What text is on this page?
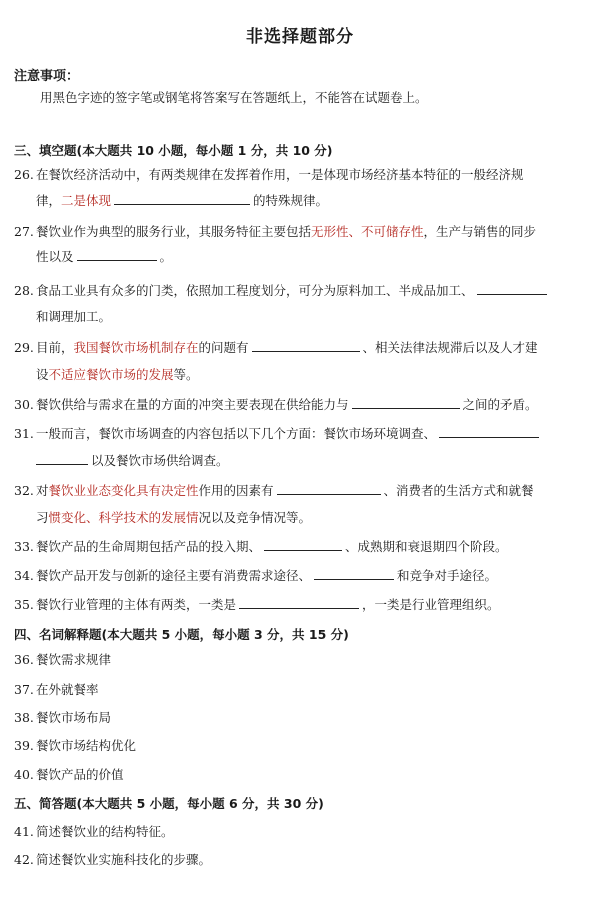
非选择题部分
注意事项：
用黑色字迹的签字笔或钢笔将答案写在答题纸上，不能答在试题卷上。
三、填空题(本大题共 10 小题，每小题 1 分，共 10 分)
26. 在餐饮经济活动中，有两类规律在发挥着作用，一是体现市场经济基本特征的一般经济规
律，二是体现	的特殊规律。
27. 餐饮业作为典型的服务行业，其服务特征主要包括无形性、不可储存性，生产与销售的同步
性以及	。
28. 食品工业具有众多的门类，依照加工程度划分，可分为原料加工、半成品加工、
和调理加工。
29. 目前，我国餐饮市场机制存在的问题有	、相关法律法规滞后以及人才建
设不适应餐饮市场的发展等。
30. 餐饮供给与需求在量的方面的冲突主要表现在供给能力与	之间的矛盾。
31. 一般而言，餐饮市场调查的内容包括以下几个方面：餐饮市场环境调查、
以及餐饮市场供给调查。
32. 对餐饮业业态变化具有决定性作用的因素有	、消费者的生活方式和就餐
习惯变化、科学技术的发展情况以及竞争情况等。
33. 餐饮产品的生命周期包括产品的投入期、	、成熟期和衰退期四个阶段。
34. 餐饮产品开发与创新的途径主要有消费需求途径、	和竞争对手途径。
35. 餐饮行业管理的主体有两类，一类是	，一类是行业管理组织。
四、名词解释题(本大题共 5 小题，每小题 3 分，共 15 分)
36. 餐饮需求规律
37. 在外就餐率
38. 餐饮市场布局
39. 餐饮市场结构优化
40. 餐饮产品的价值
五、简答题(本大题共 5 小题，每小题 6 分，共 30 分)
41. 简述餐饮业的结构特征。
42. 简述餐饮业实施科技化的步骤。
